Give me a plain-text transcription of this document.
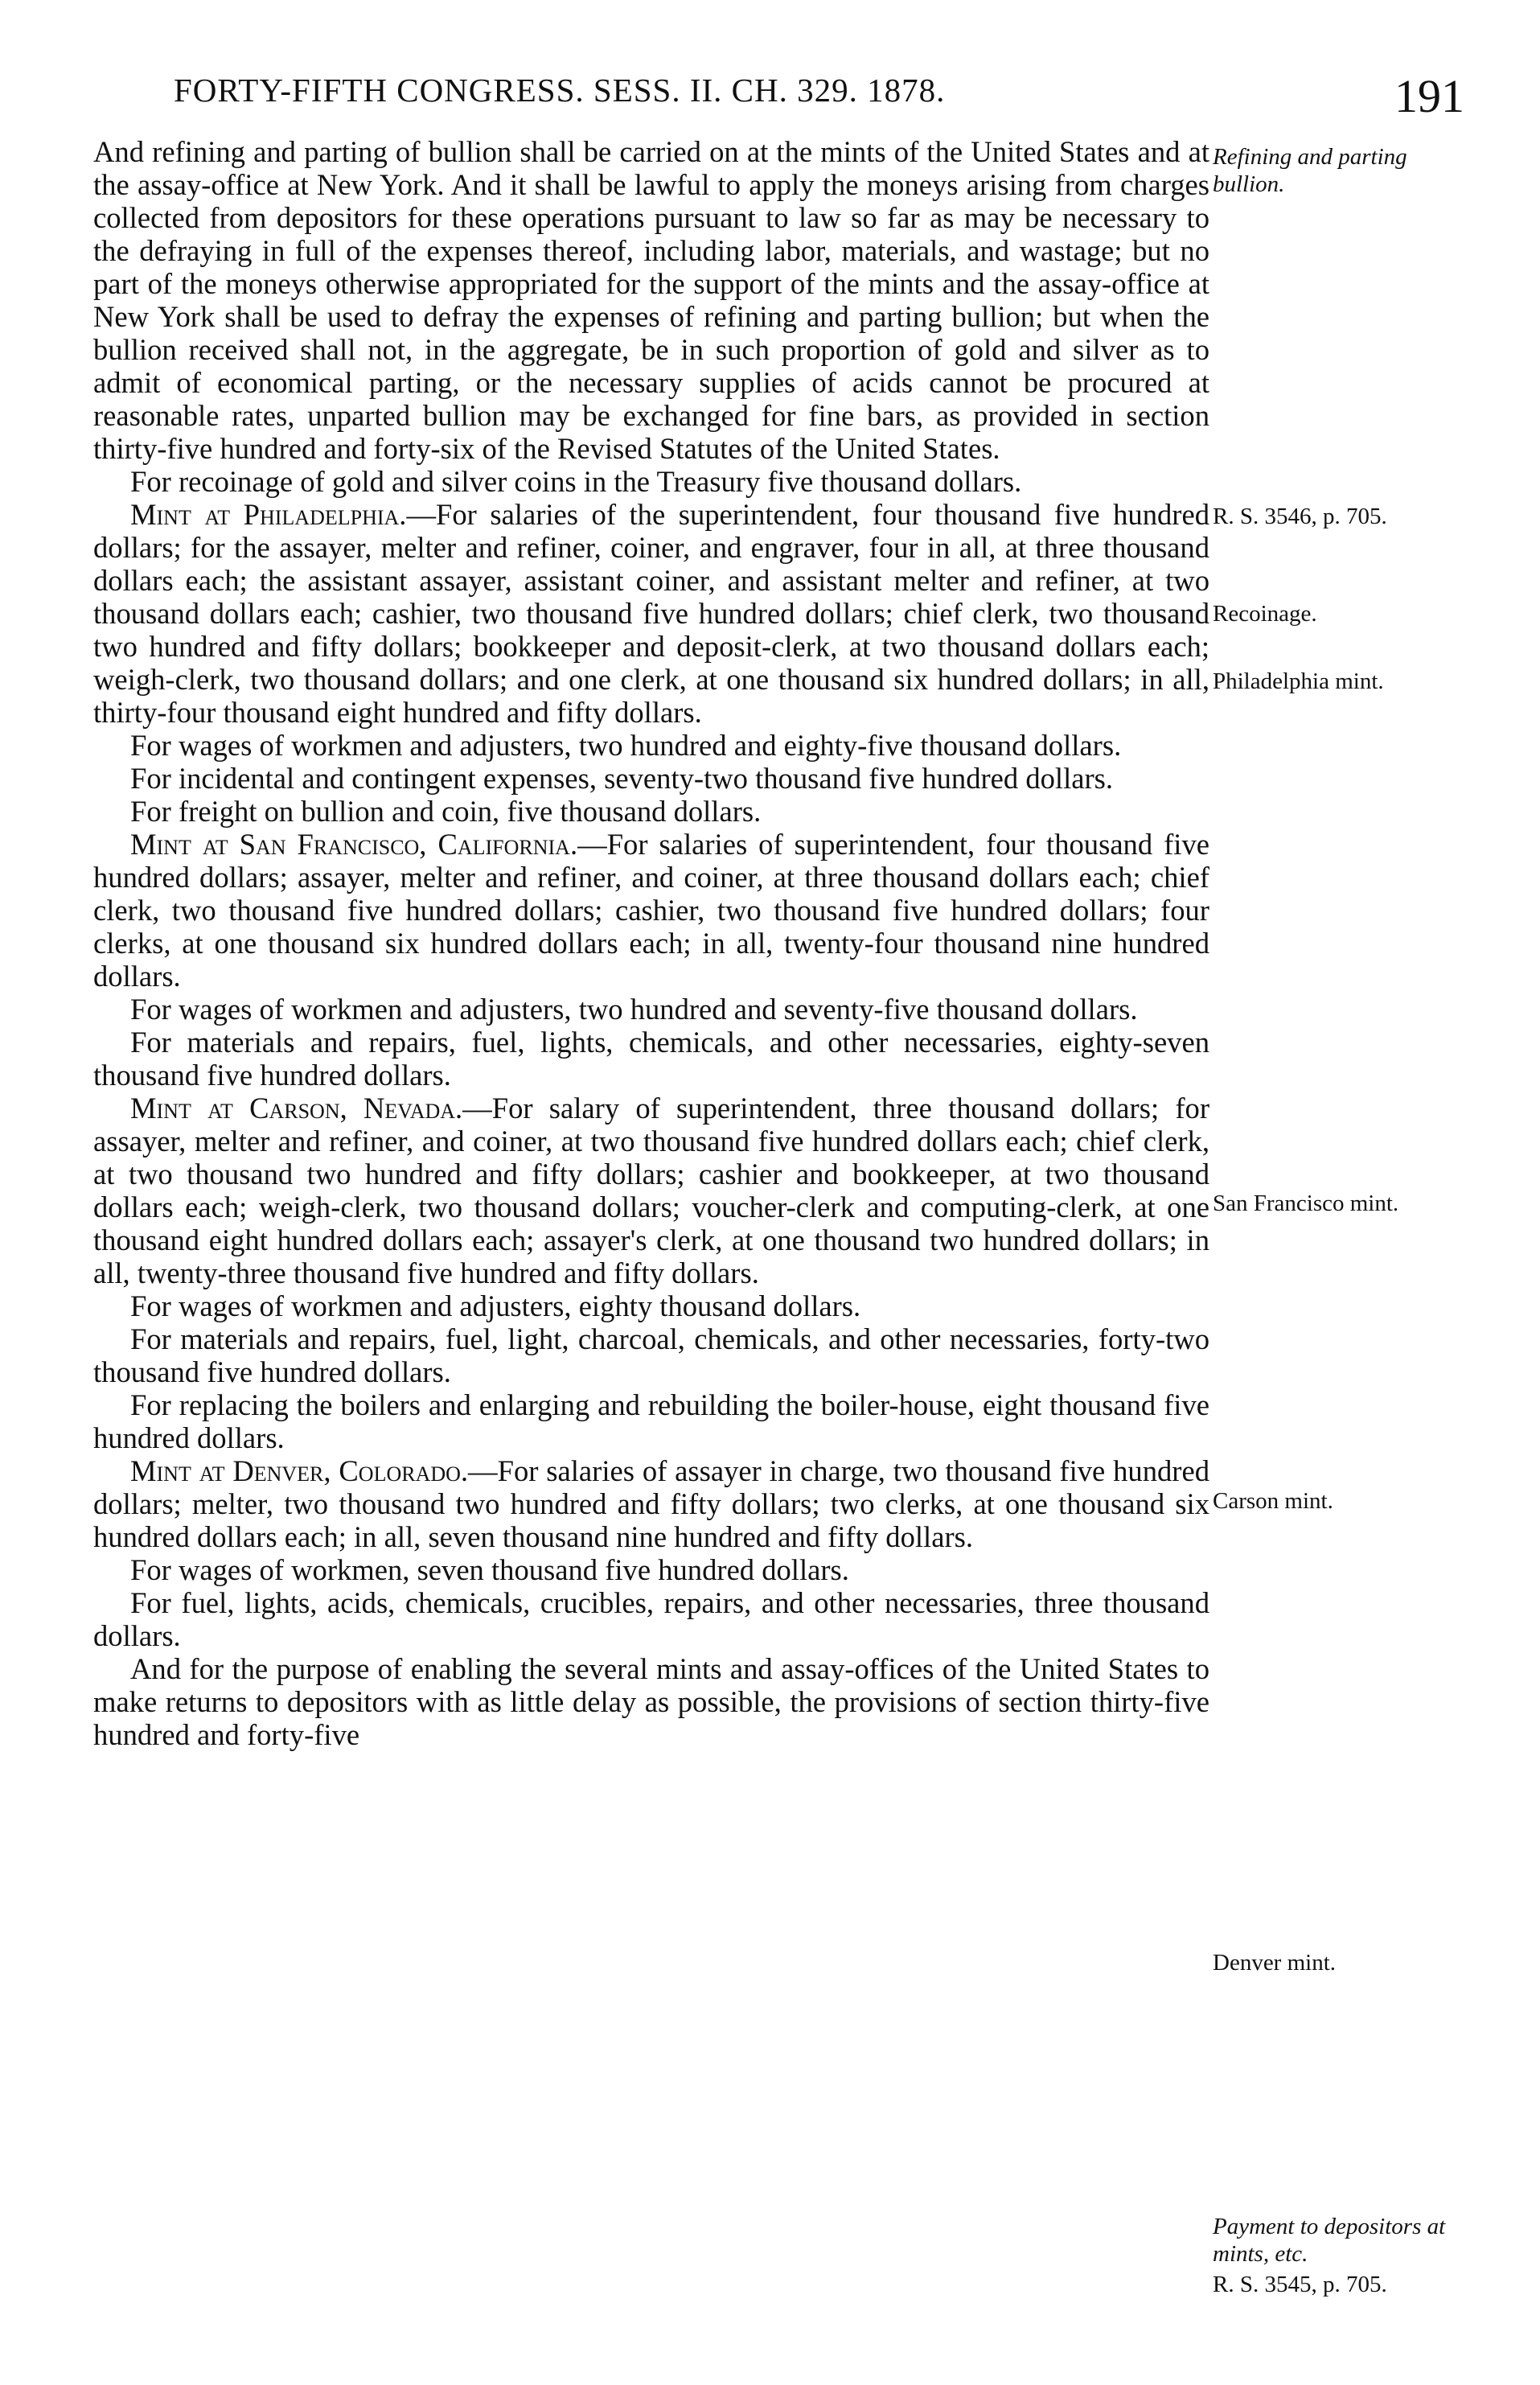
FORTY-FIFTH CONGRESS. SESS. II. CH. 329. 1878.	191

And refining and parting of bullion shall be carried on at the mints of the United States and at the assay-office at New York. And it shall be lawful to apply the moneys arising from charges collected from depositors for these operations pursuant to law so far as may be necessary to the defraying in full of the expenses thereof, including labor, materials, and wastage; but no part of the moneys otherwise appropriated for the support of the mints and the assay-office at New York shall be used to defray the expenses of refining and parting bullion; but when the bullion received shall not, in the aggregate, be in such proportion of gold and silver as to admit of economical parting, or the necessary supplies of acids cannot be procured at reasonable rates, unparted bullion may be exchanged for fine bars, as provided in section thirty-five hundred and forty-six of the Revised Statutes of the United States.

For recoinage of gold and silver coins in the Treasury five thousand dollars.

Mint at Philadelphia.—For salaries of the superintendent, four thousand five hundred dollars; for the assayer, melter and refiner, coiner, and engraver, four in all, at three thousand dollars each; the assistant assayer, assistant coiner, and assistant melter and refiner, at two thousand dollars each; cashier, two thousand five hundred dollars; chief clerk, two thousand two hundred and fifty dollars; bookkeeper and deposit-clerk, at two thousand dollars each; weigh-clerk, two thousand dollars; and one clerk, at one thousand six hundred dollars; in all, thirty-four thousand eight hundred and fifty dollars.

For wages of workmen and adjusters, two hundred and eighty-five thousand dollars.

For incidental and contingent expenses, seventy-two thousand five hundred dollars.

For freight on bullion and coin, five thousand dollars.

Mint at San Francisco, California.—For salaries of superintendent, four thousand five hundred dollars; assayer, melter and refiner, and coiner, at three thousand dollars each; chief clerk, two thousand five hundred dollars; cashier, two thousand five hundred dollars; four clerks, at one thousand six hundred dollars each; in all, twenty-four thousand nine hundred dollars.

For wages of workmen and adjusters, two hundred and seventy-five thousand dollars.

For materials and repairs, fuel, lights, chemicals, and other necessaries, eighty-seven thousand five hundred dollars.

Mint at Carson, Nevada.—For salary of superintendent, three thousand dollars; for assayer, melter and refiner, and coiner, at two thousand five hundred dollars each; chief clerk, at two thousand two hundred and fifty dollars; cashier and bookkeeper, at two thousand dollars each; weigh-clerk, two thousand dollars; voucher-clerk and computing-clerk, at one thousand eight hundred dollars each; assayer's clerk, at one thousand two hundred dollars; in all, twenty-three thousand five hundred and fifty dollars.

For wages of workmen and adjusters, eighty thousand dollars.

For materials and repairs, fuel, light, charcoal, chemicals, and other necessaries, forty-two thousand five hundred dollars.

For replacing the boilers and enlarging and rebuilding the boiler-house, eight thousand five hundred dollars.

Mint at Denver, Colorado.—For salaries of assayer in charge, two thousand five hundred dollars; melter, two thousand two hundred and fifty dollars; two clerks, at one thousand six hundred dollars each; in all, seven thousand nine hundred and fifty dollars.

For wages of workmen, seven thousand five hundred dollars.

For fuel, lights, acids, chemicals, crucibles, repairs, and other necessaries, three thousand dollars.

And for the purpose of enabling the several mints and assay-offices of the United States to make returns to depositors with as little delay as possible, the provisions of section thirty-five hundred and forty-five

Refining and parting bullion.
R. S. 3546, p. 705.
Recoinage.
Philadelphia mint.
San Francisco mint.
Carson mint.
Denver mint.
Payment to depositors at mints, etc.
R. S. 3545, p. 705.
